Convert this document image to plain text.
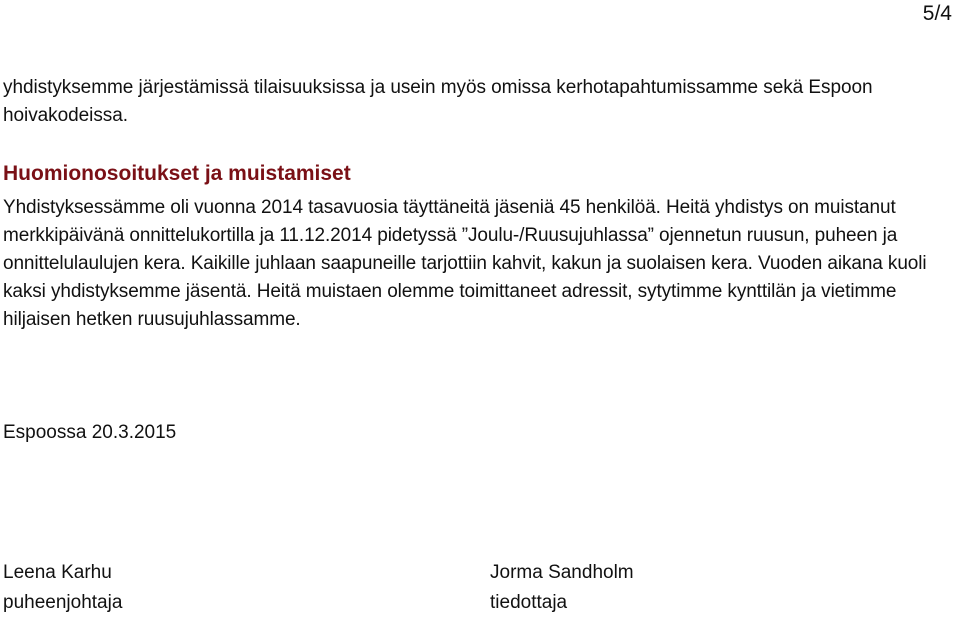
5/4

yhdistyksemme järjestämissä tilaisuuksissa ja usein myös omissa kerhotapahtumissamme sekä Espoon hoivakodeissa.

Huomionosoitukset ja muistamiset

Yhdistyksessämme oli vuonna 2014 tasavuosia täyttäneitä jäseniä 45 henkilöä. Heitä yhdistys on muistanut merkkipäivänä onnittelukortilla ja 11.12.2014 pidetyssä ”Joulu-/Ruusujuhlassa” ojennetun ruusun, puheen ja onnittelulaulujen kera. Kaikille juhlaan saapuneille tarjottiin kahvit, kakun ja suolaisen kera. Vuoden aikana kuoli kaksi yhdistyksemme jäsentä. Heitä muistaen olemme toimittaneet adressit, sytytimme kynttilän ja vietimme hiljaisen hetken ruusujuhlassamme.

Espoossa 20.3.2015
Leena Karhu
puheenjohtaja
Jorma Sandholm
tiedottaja
